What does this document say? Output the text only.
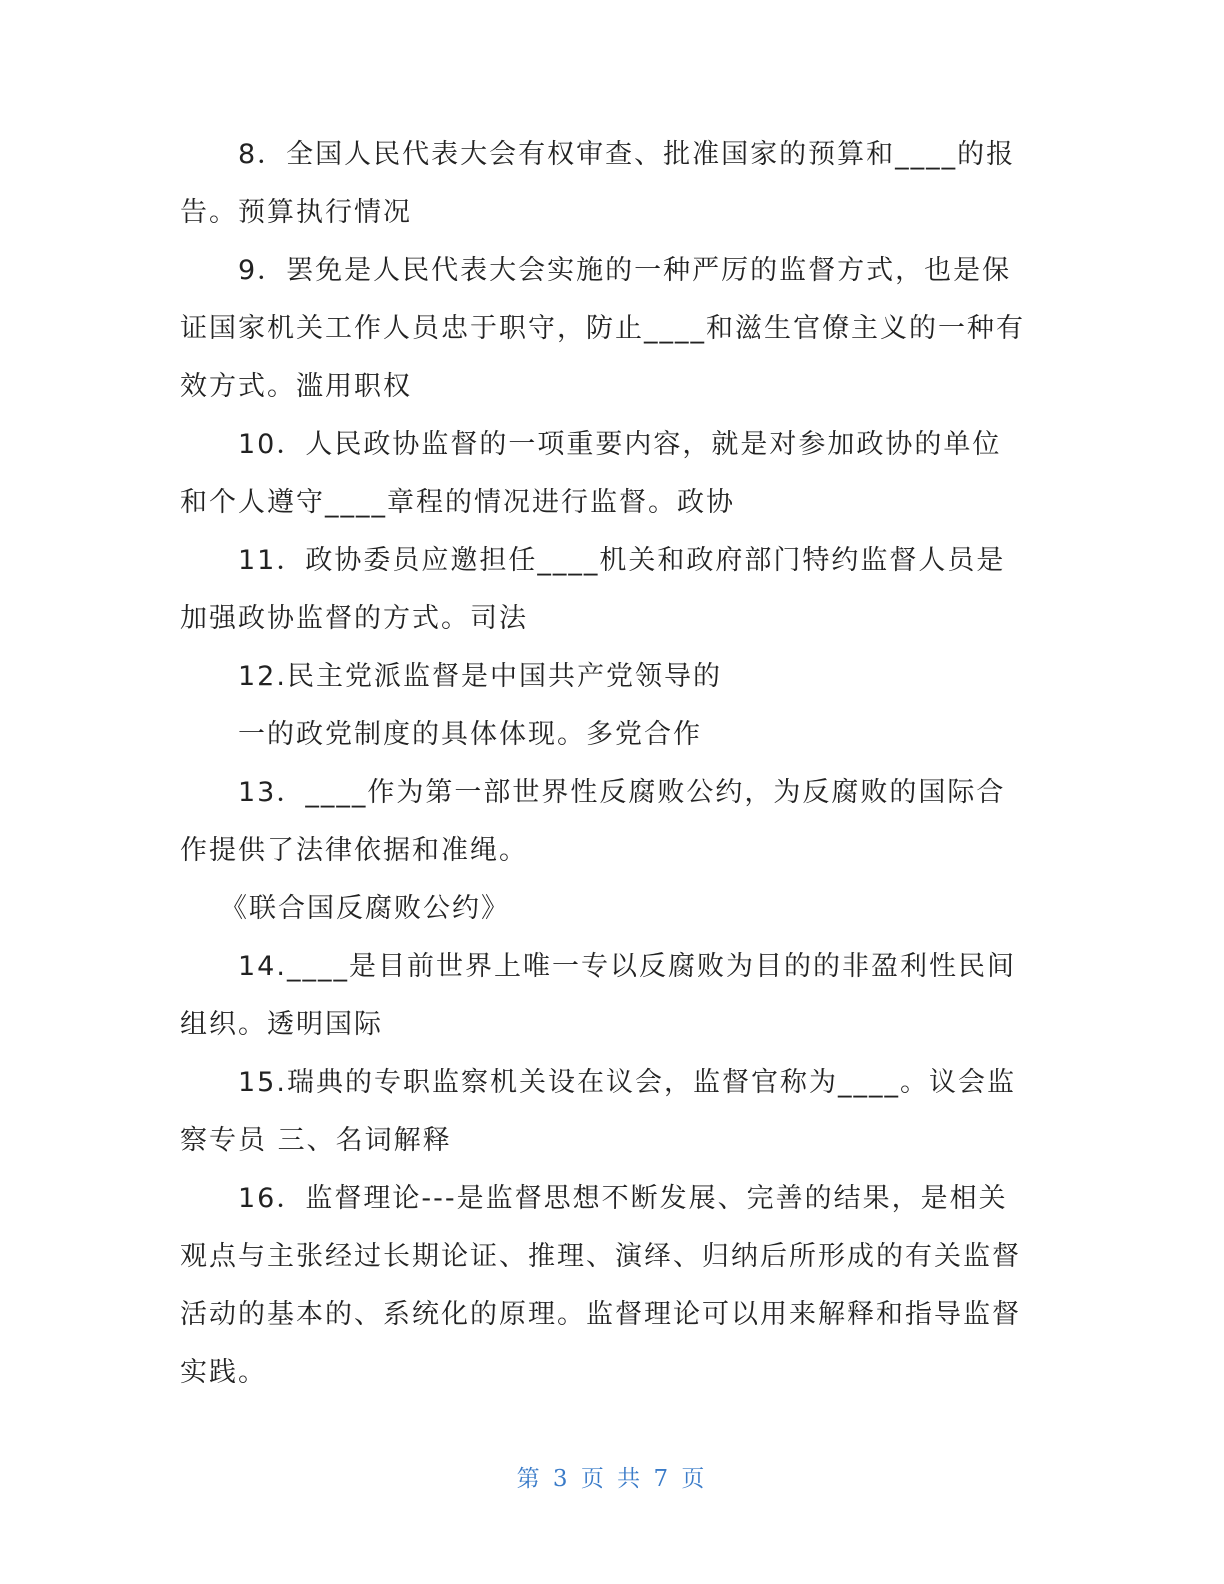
8．全国人民代表大会有权审查、批准国家的预算和____的报告。预算执行情况

9．罢免是人民代表大会实施的一种严厉的监督方式，也是保证国家机关工作人员忠于职守，防止____和滋生官僚主义的一种有效方式。滥用职权

10．人民政协监督的一项重要内容，就是对参加政协的单位和个人遵守____章程的情况进行监督。政协

11．政协委员应邀担任____机关和政府部门特约监督人员是加强政协监督的方式。司法

12.民主党派监督是中国共产党领导的

一的政党制度的具体体现。多党合作

13．____作为第一部世界性反腐败公约，为反腐败的国际合作提供了法律依据和准绳。

《联合国反腐败公约》

14.____是目前世界上唯一专以反腐败为目的的非盈利性民间组织。透明国际

15.瑞典的专职监察机关设在议会，监督官称为____。议会监察专员 三、名词解释

16．监督理论---是监督思想不断发展、完善的结果，是相关观点与主张经过长期论证、推理、演绎、归纳后所形成的有关监督活动的基本的、系统化的原理。监督理论可以用来解释和指导监督实践。

第 3 页 共 7 页
